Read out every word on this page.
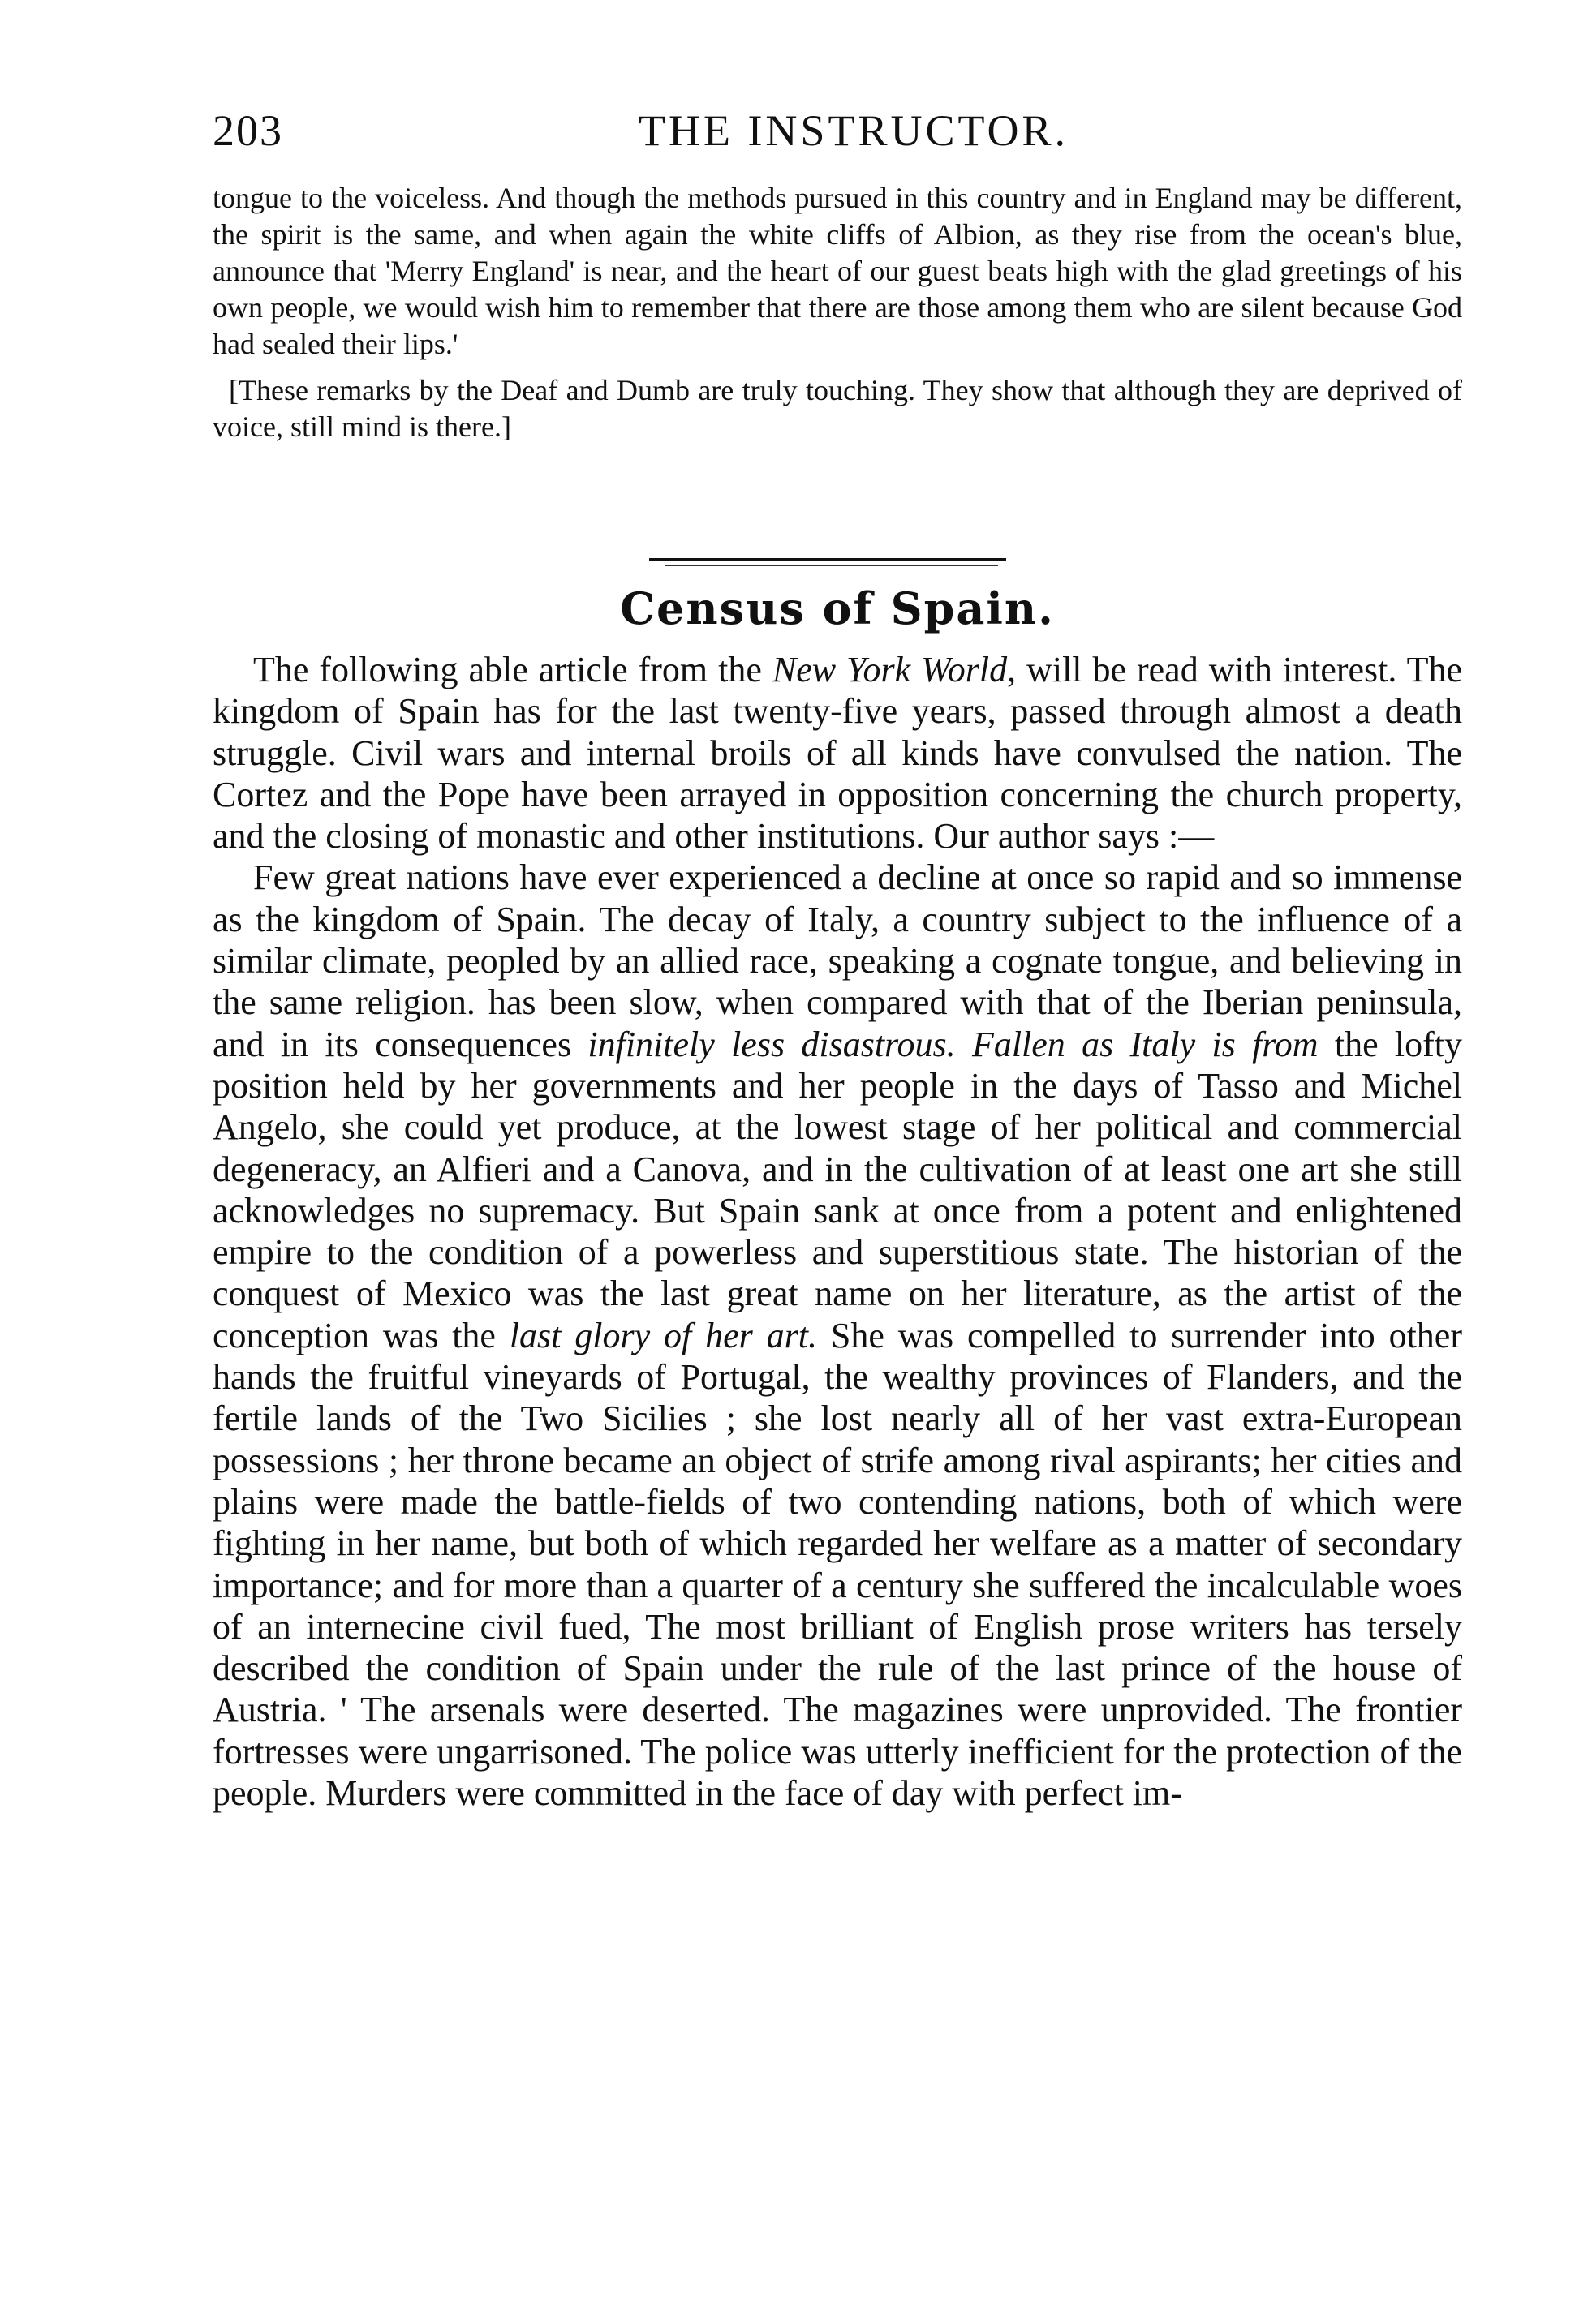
203	THE INSTRUCTOR.

tongue to the voiceless. And though the methods pursued in this country and in England may be different, the spirit is the same, and when again the white cliffs of Albion, as they rise from the ocean's blue, announce that 'Merry England' is near, and the heart of our guest beats high with the glad greetings of his own people, we would wish him to remember that there are those among them who are silent because God had sealed their lips.'

[These remarks by the Deaf and Dumb are truly touching. They show that although they are deprived of voice, still mind is there.]

Census of Spain.

The following able article from the New York World, will be read with interest. The kingdom of Spain has for the last twenty-five years, passed through almost a death struggle. Civil wars and internal broils of all kinds have convulsed the nation. The Cortez and the Pope have been arrayed in opposition concerning the church property, and the closing of monastic and other institutions. Our author says :—

Few great nations have ever experienced a decline at once so rapid and so immense as the kingdom of Spain. The decay of Italy, a country subject to the influence of a similar climate, peopled by an allied race, speaking a cognate tongue, and believing in the same religion. has been slow, when compared with that of the Iberian peninsula, and in its consequences infinitely less disastrous. Fallen as Italy is from the lofty position held by her governments and her people in the days of Tasso and Michel Angelo, she could yet produce, at the lowest stage of her political and commercial degeneracy, an Alfieri and a Canova, and in the cultivation of at least one art she still acknowledges no supremacy. But Spain sank at once from a potent and enlightened empire to the condition of a powerless and superstitious state. The historian of the conquest of Mexico was the last great name on her literature, as the artist of the conception was the last glory of her art. She was compelled to surrender into other hands the fruitful vineyards of Portugal, the wealthy provinces of Flanders, and the fertile lands of the Two Sicilies ; she lost nearly all of her vast extra-European possessions ; her throne became an object of strife among rival aspirants; her cities and plains were made the battle-fields of two contending nations, both of which were fighting in her name, but both of which regarded her welfare as a matter of secondary importance; and for more than a quarter of a century she suffered the incalculable woes of an internecine civil fued, The most brilliant of English prose writers has tersely described the condition of Spain under the rule of the last prince of the house of Austria. ' The arsenals were deserted. The magazines were unprovided. The frontier fortresses were ungarrisoned. The police was utterly inefficient for the protection of the people. Murders were committed in the face of day with perfect im-
